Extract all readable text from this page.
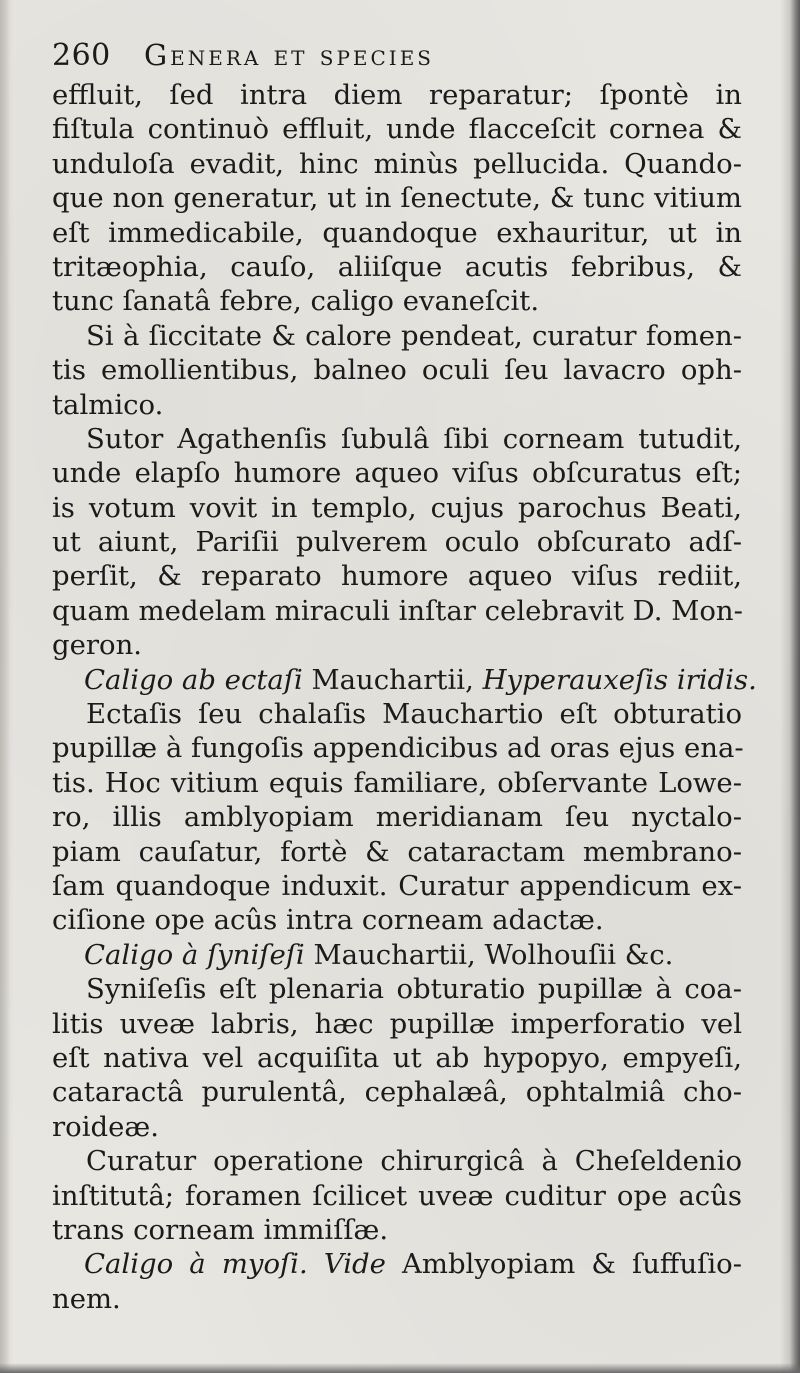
260	Genera et species
effluit, ſed intra diem reparatur; ſpontè in
fiſtula continuò effluit, unde flacceſcit cornea &
unduloſa evadit, hinc minùs pellucida. Quando-
que non generatur, ut in ſenectute, & tunc vitium
eſt immedicabile, quandoque exhauritur, ut in
tritæophia, cauſo, aliiſque acutis febribus, &
tunc ſanatâ febre, caligo evaneſcit.
Si à ſiccitate & calore pendeat, curatur fomen-
tis emollientibus, balneo oculi ſeu lavacro oph-
talmico.
Sutor Agathenſis ſubulâ ſibi corneam tutudit,
unde elapſo humore aqueo viſus obſcuratus eſt;
is votum vovit in templo, cujus parochus Beati,
ut aiunt, Pariſii pulverem oculo obſcurato adſ-
perſit, & reparato humore aqueo viſus rediit,
quam medelam miraculi inſtar celebravit D. Mon-
geron.
Caligo ab ectaſi Mauchartii, Hyperauxeſis iridis.
Ectaſis ſeu chalaſis Mauchartio eſt obturatio
pupillæ à fungoſis appendicibus ad oras ejus ena-
tis. Hoc vitium equis familiare, obſervante Lowe-
ro, illis amblyopiam meridianam ſeu nyctalo-
piam cauſatur, fortè & cataractam membrano-
ſam quandoque induxit. Curatur appendicum ex-
ciſione ope acûs intra corneam adactæ.
Caligo à ſyniſeſi Mauchartii, Wolhouſii &c.
Syniſeſis eſt plenaria obturatio pupillæ à coa-
litis uveæ labris, hæc pupillæ imperforatio vel
eſt nativa vel acquiſita ut ab hypopyo, empyeſi,
cataractâ purulentâ, cephalæâ, ophtalmiâ cho-
roideæ.
Curatur operatione chirurgicâ à Cheſeldenio
inſtitutâ; foramen ſcilicet uveæ cuditur ope acûs
trans corneam immiſſæ.
Caligo à myoſi. Vide Amblyopiam & ſuffuſio-
nem.
